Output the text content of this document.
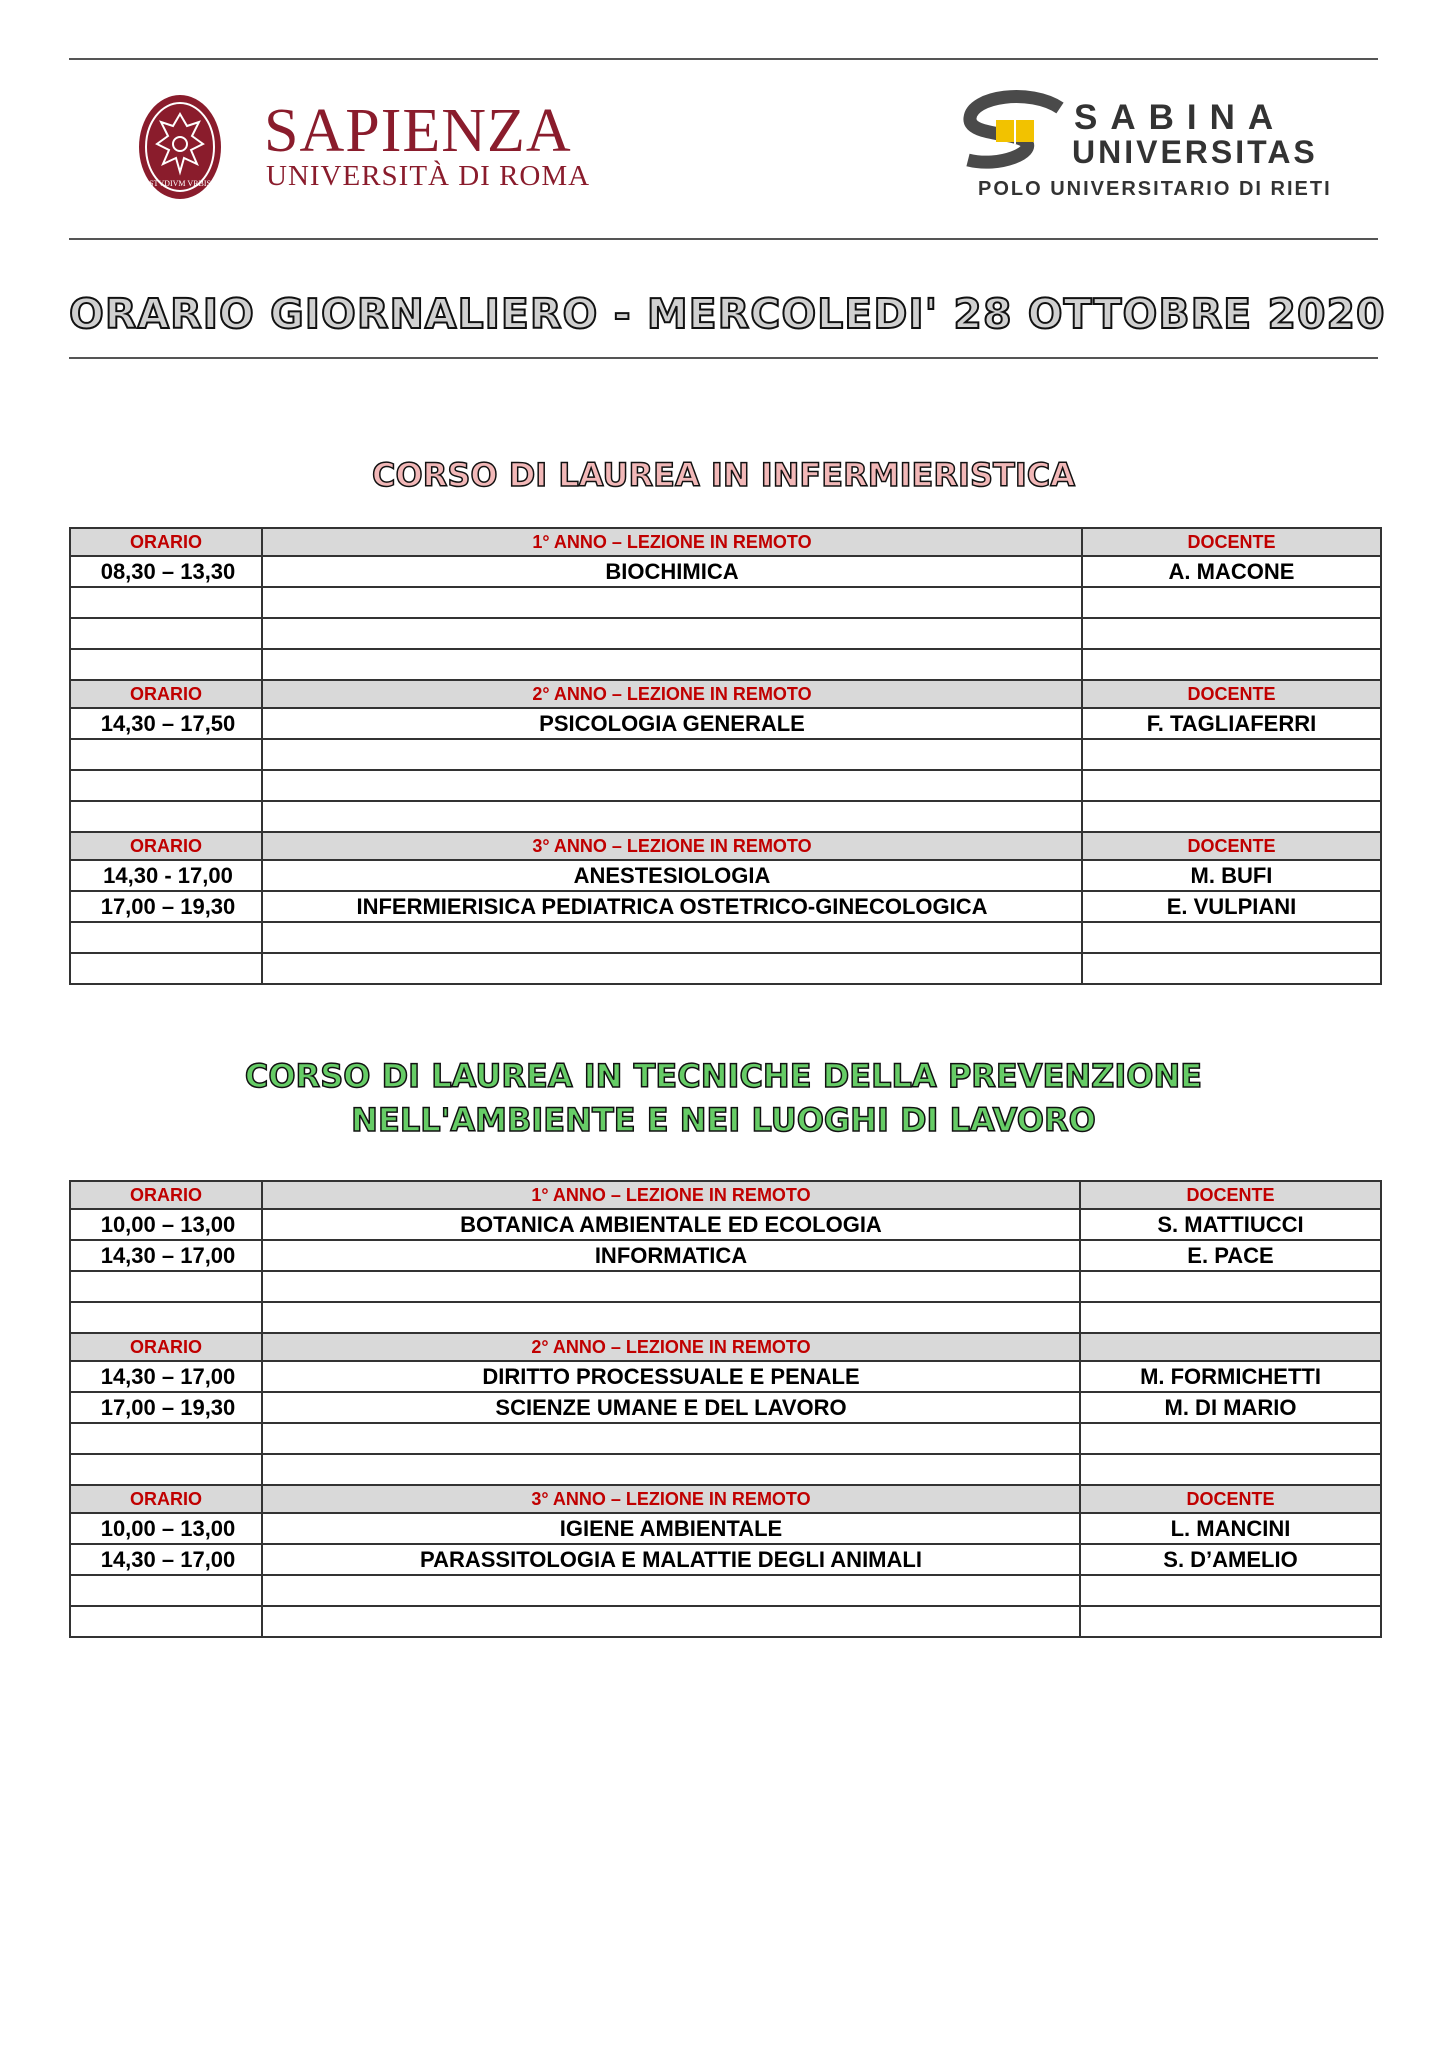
STVDIVM VRBIS
SAPIENZA
UNIVERSITÀ DI ROMA
SABINA
UNIVERSITAS
POLO UNIVERSITARIO DI RIETI
ORARIO GIORNALIERO - MERCOLEDI' 28 OTTOBRE 2020
CORSO DI LAUREA IN INFERMIERISTICA
ORARIO	1° ANNO – LEZIONE IN REMOTO	DOCENTE
08,30 – 13,30	BIOCHIMICA	A. MACONE

ORARIO	2° ANNO – LEZIONE IN REMOTO	DOCENTE
14,30 – 17,50	PSICOLOGIA GENERALE	F. TAGLIAFERRI

ORARIO	3° ANNO – LEZIONE IN REMOTO	DOCENTE
14,30 - 17,00	ANESTESIOLOGIA	M. BUFI
17,00 – 19,30	INFERMIERISICA PEDIATRICA OSTETRICO-GINECOLOGICA	E. VULPIANI

CORSO DI LAUREA IN TECNICHE DELLA PREVENZIONE
NELL'AMBIENTE E NEI LUOGHI DI LAVORO
ORARIO	1° ANNO – LEZIONE IN REMOTO	DOCENTE
10,00 – 13,00	BOTANICA AMBIENTALE ED ECOLOGIA	S. MATTIUCCI
14,30 – 17,00	INFORMATICA	E. PACE

ORARIO	2° ANNO – LEZIONE IN REMOTO	
14,30 – 17,00	DIRITTO PROCESSUALE E PENALE	M. FORMICHETTI
17,00 – 19,30	SCIENZE UMANE E DEL LAVORO	M. DI MARIO

ORARIO	3° ANNO – LEZIONE IN REMOTO	DOCENTE
10,00 – 13,00	IGIENE AMBIENTALE	L. MANCINI
14,30 – 17,00	PARASSITOLOGIA E MALATTIE DEGLI ANIMALI	S. D’AMELIO
